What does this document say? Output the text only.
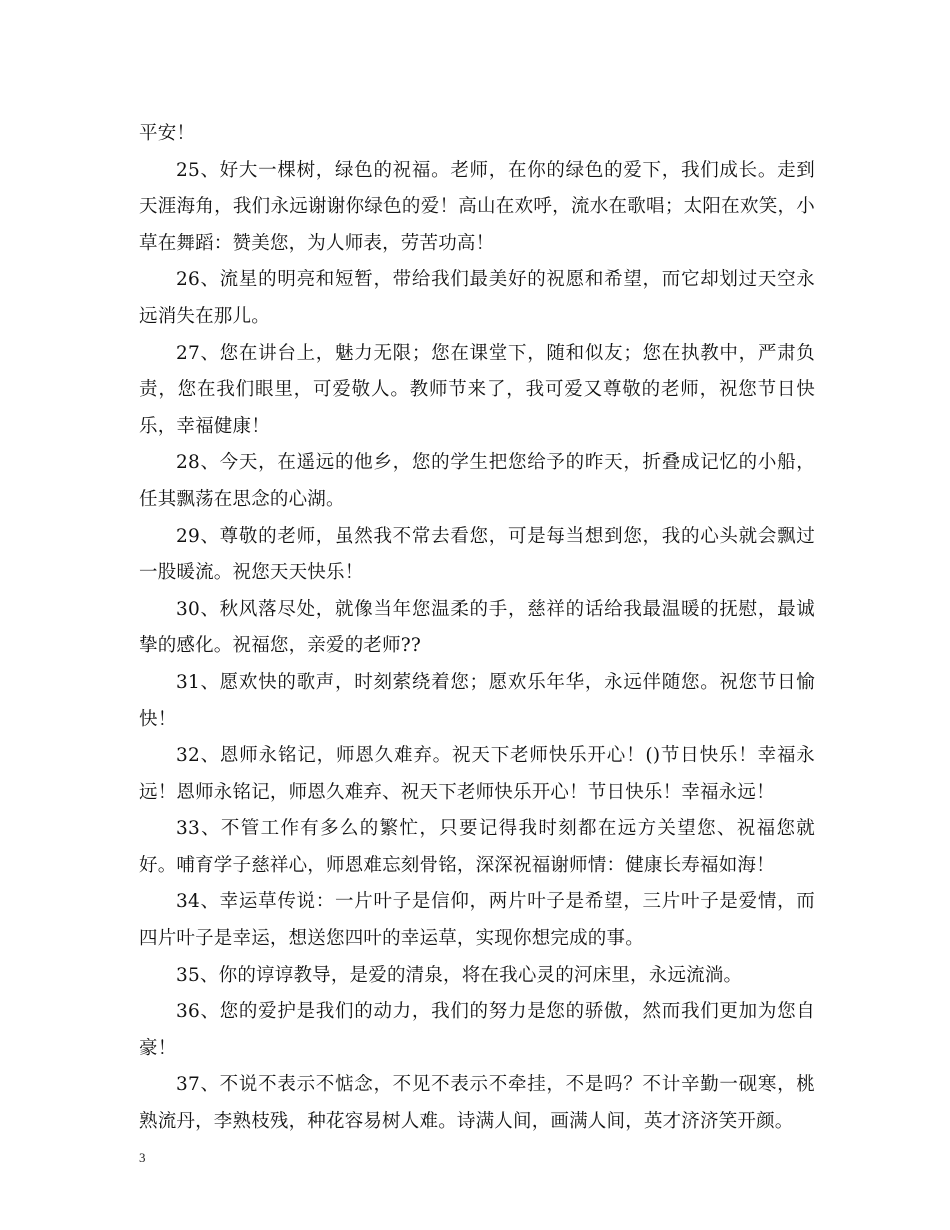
平安！

25、好大一棵树，绿色的祝福。老师，在你的绿色的爱下，我们成长。走到天涯海角，我们永远谢谢你绿色的爱！高山在欢呼，流水在歌唱；太阳在欢笑，小草在舞蹈：赞美您，为人师表，劳苦功高！

26、流星的明亮和短暂，带给我们最美好的祝愿和希望，而它却划过天空永远消失在那儿。

27、您在讲台上，魅力无限；您在课堂下，随和似友；您在执教中，严肃负责，您在我们眼里，可爱敬人。教师节来了，我可爱又尊敬的老师，祝您节日快乐，幸福健康！

28、今天，在遥远的他乡，您的学生把您给予的昨天，折叠成记忆的小船，任其飘荡在思念的心湖。

29、尊敬的老师，虽然我不常去看您，可是每当想到您，我的心头就会飘过一股暖流。祝您天天快乐！

30、秋风落尽处，就像当年您温柔的手，慈祥的话给我最温暖的抚慰，最诚挚的感化。祝福您，亲爱的老师??

31、愿欢快的歌声，时刻萦绕着您；愿欢乐年华，永远伴随您。祝您节日愉快！

32、恩师永铭记，师恩久难弃。祝天下老师快乐开心！()节日快乐！幸福永远！恩师永铭记，师恩久难弃、祝天下老师快乐开心！节日快乐！幸福永远！

33、不管工作有多么的繁忙，只要记得我时刻都在远方关望您、祝福您就好。哺育学子慈祥心，师恩难忘刻骨铭，深深祝福谢师情：健康长寿福如海！

34、幸运草传说：一片叶子是信仰，两片叶子是希望，三片叶子是爱情，而四片叶子是幸运，想送您四叶的幸运草，实现你想完成的事。

35、你的谆谆教导，是爱的清泉，将在我心灵的河床里，永远流淌。

36、您的爱护是我们的动力，我们的努力是您的骄傲，然而我们更加为您自豪！

37、不说不表示不惦念，不见不表示不牵挂，不是吗？不计辛勤一砚寒，桃熟流丹，李熟枝残，种花容易树人难。诗满人间，画满人间，英才济济笑开颜。

3
